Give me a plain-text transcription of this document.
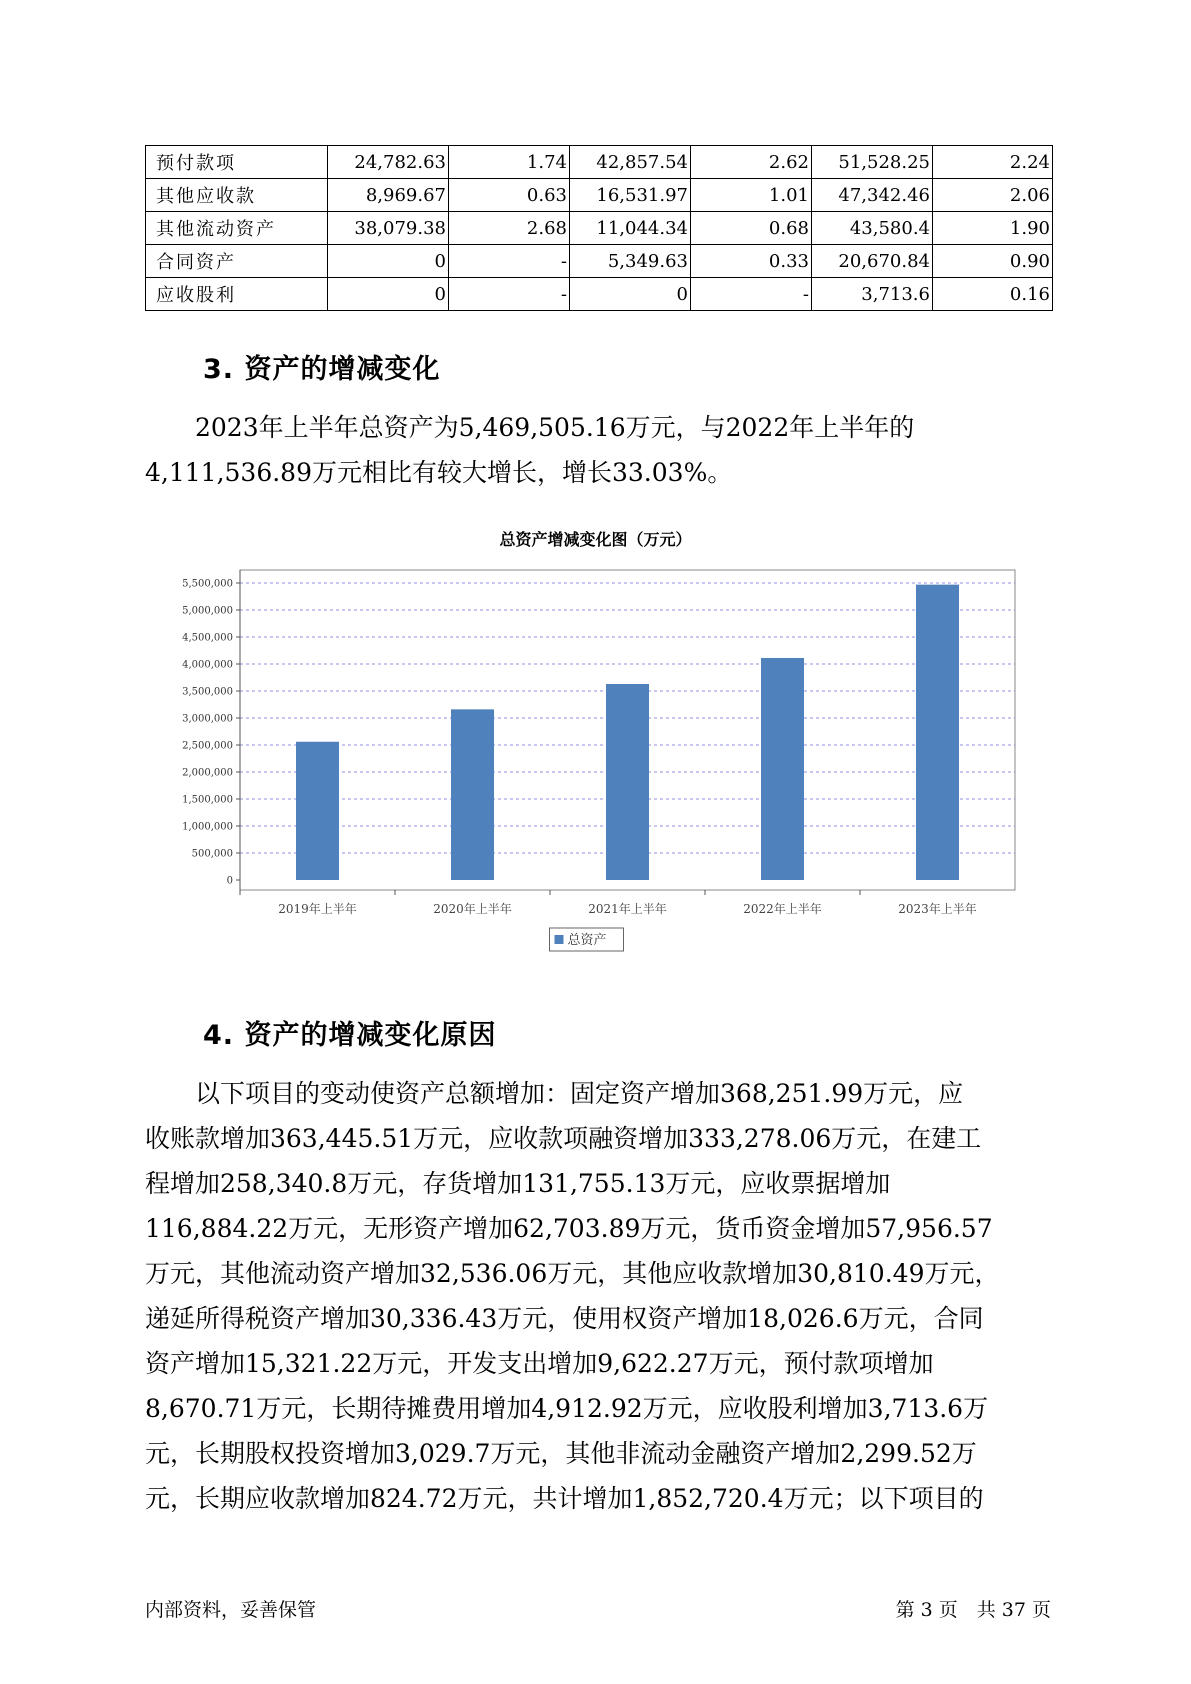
预付款项	24,782.63	1.74	42,857.54	2.62	51,528.25	2.24
其他应收款	8,969.67	0.63	16,531.97	1.01	47,342.46	2.06
其他流动资产	38,079.38	2.68	11,044.34	0.68	43,580.4	1.90
合同资产	0	-	5,349.63	0.33	20,670.84	0.90
应收股利	0	-	0	-	3,713.6	0.16
3. 资产的增减变化
　　2023年上半年总资产为5,469,505.16万元，与2022年上半年的
4,111,536.89万元相比有较大增长，增长33.03%。
总资产增减变化图（万元）
0
500,000
1,000,000
1,500,000
2,000,000
2,500,000
3,000,000
3,500,000
4,000,000
4,500,000
5,000,000
5,500,000
2019年上半年	2020年上半年	2021年上半年	2022年上半年	2023年上半年
总资产
4. 资产的增减变化原因
　　以下项目的变动使资产总额增加：固定资产增加368,251.99万元，应
收账款增加363,445.51万元，应收款项融资增加333,278.06万元，在建工
程增加258,340.8万元，存货增加131,755.13万元，应收票据增加
116,884.22万元，无形资产增加62,703.89万元，货币资金增加57,956.57
万元，其他流动资产增加32,536.06万元，其他应收款增加30,810.49万元，
递延所得税资产增加30,336.43万元，使用权资产增加18,026.6万元，合同
资产增加15,321.22万元，开发支出增加9,622.27万元，预付款项增加
8,670.71万元，长期待摊费用增加4,912.92万元，应收股利增加3,713.6万
元，长期股权投资增加3,029.7万元，其他非流动金融资产增加2,299.52万
元，长期应收款增加824.72万元，共计增加1,852,720.4万元；以下项目的
内部资料，妥善保管	第 3 页　共 37 页
